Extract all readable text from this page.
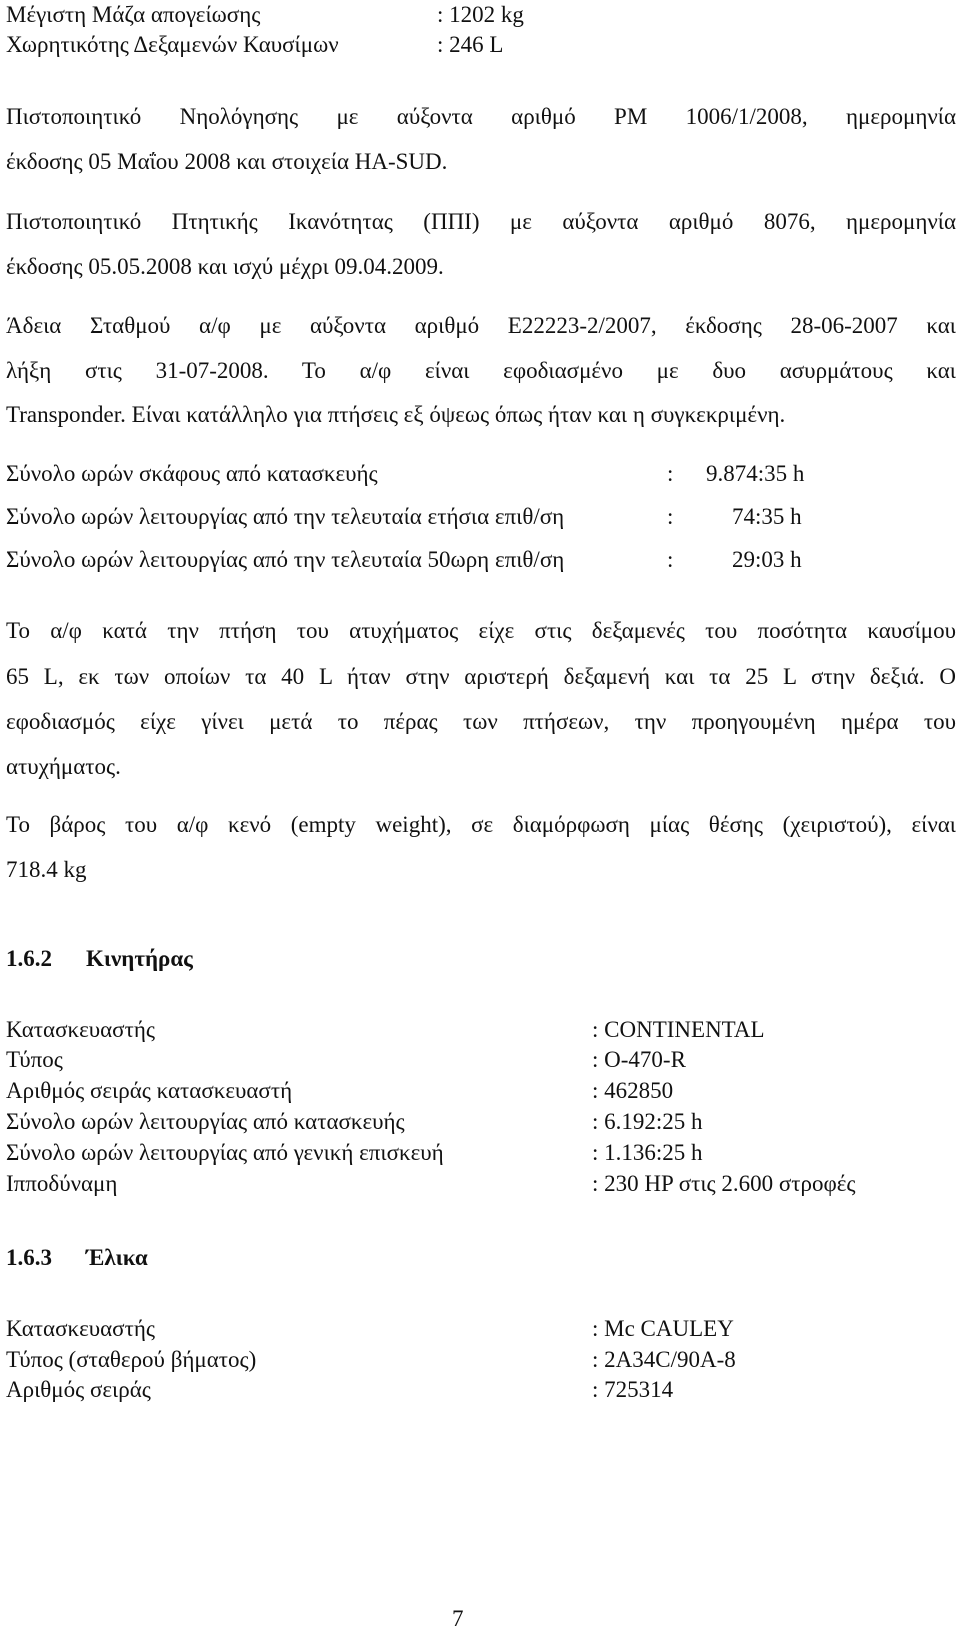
Μέγιστη Μάζα απογείωσης	: 1202 kg
Χωρητικότης Δεξαμενών Καυσίμων	: 246 L
Πιστοποιητικό Νηολόγησης με αύξοντα αριθμό PM 1006/1/2008, ημερομηνία
έκδοσης 05 Μαΐου 2008 και στοιχεία HA-SUD.
Πιστοποιητικό Πτητικής Ικανότητας (ΠΠΙ) με αύξοντα αριθμό 8076, ημερομηνία
έκδοσης 05.05.2008 και ισχύ μέχρι 09.04.2009.
Άδεια Σταθμού α/φ με αύξοντα αριθμό E22223-2/2007, έκδοσης 28-06-2007 και
λήξη στις 31-07-2008. Το α/φ είναι εφοδιασμένο με δυο ασυρμάτους και
Transponder. Είναι κατάλληλο για πτήσεις εξ όψεως όπως ήταν και η συγκεκριμένη.
Σύνολο ωρών σκάφους από κατασκευής	: 9.874:35 h
Σύνολο ωρών λειτουργίας από την τελευταία ετήσια επιθ/ση	:	74:35 h
Σύνολο ωρών λειτουργίας από την τελευταία 50ωρη επιθ/ση	:	29:03 h
Το α/φ κατά την πτήση του ατυχήματος είχε στις δεξαμενές του ποσότητα καυσίμου
65 L, εκ των οποίων τα 40 L ήταν στην αριστερή δεξαμενή και τα 25 L στην δεξιά. Ο
εφοδιασμός είχε γίνει μετά το πέρας των πτήσεων, την προηγουμένη ημέρα του
ατυχήματος.
Το βάρος του α/φ κενό (empty weight), σε διαμόρφωση μίας θέσης (χειριστού), είναι
718.4 kg
1.6.2 Κινητήρας
Κατασκευαστής	: CONTINENTAL
Τύπος	: O-470-R
Αριθμός σειράς κατασκευαστή	: 462850
Σύνολο ωρών λειτουργίας από κατασκευής	: 6.192:25 h
Σύνολο ωρών λειτουργίας από γενική επισκευή	: 1.136:25 h
Ιπποδύναμη	: 230 HP στις 2.600 στροφές
1.6.3 Έλικα
Κατασκευαστής	: Mc CAULEY
Τύπος (σταθερού βήματος)	: 2A34C/90A-8
Αριθμός σειράς	: 725314
7
